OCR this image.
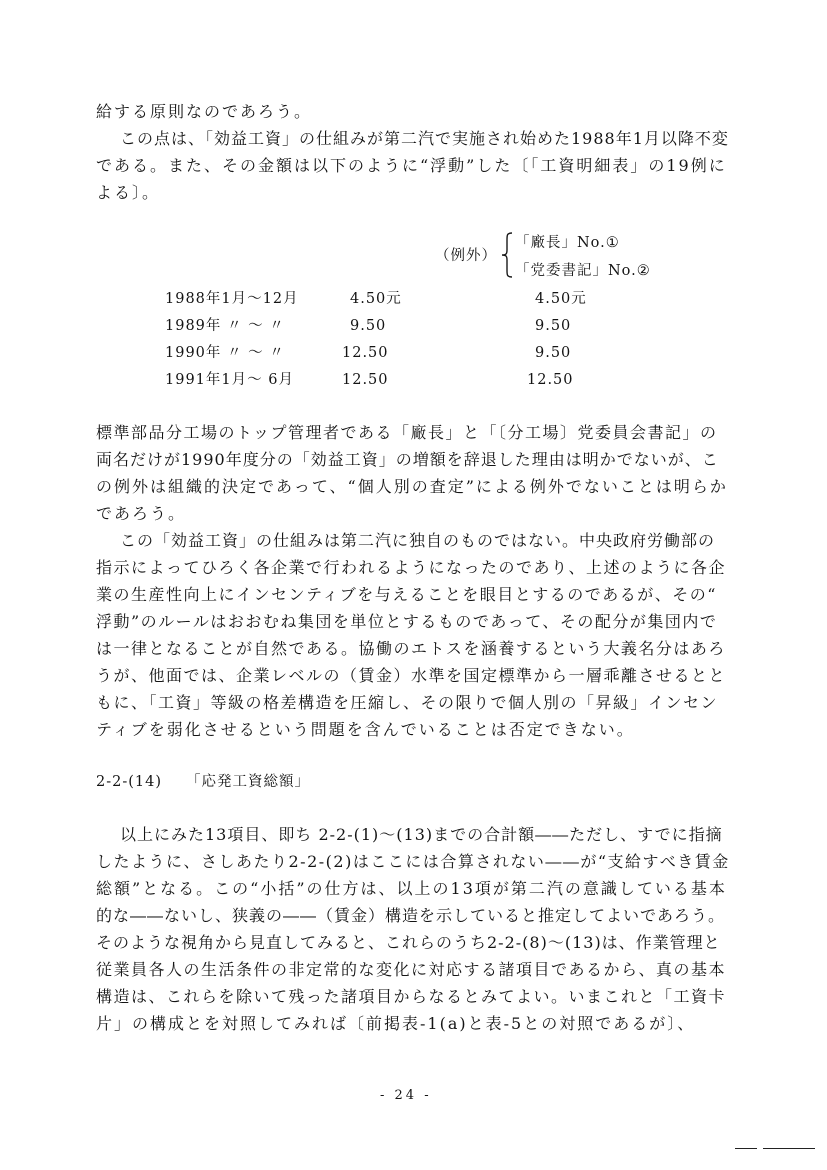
給する原則なのであろう。
この点は、「効益工資」の仕組みが第二汽で実施され始めた1988年1月以降不変
である。また、その金額は以下のように“浮動”した〔「工資明細表」の19例に
よる〕。
（例外）
「廠長」No.①
「党委書記」No.②
1988年1月～12月	4.50元	4.50元
1989年 〃 ～ 〃	9.50	9.50
1990年 〃 ～ 〃	12.50	9.50
1991年1月～ 6月	12.50	12.50
標準部品分工場のトップ管理者である「廠長」と「〔分工場〕党委員会書記」の
両名だけが1990年度分の「効益工資」の増額を辞退した理由は明かでないが、こ
の例外は組織的決定であって、“個人別の査定”による例外でないことは明らか
であろう。
この「効益工資」の仕組みは第二汽に独自のものではない。中央政府労働部の
指示によってひろく各企業で行われるようになったのであり、上述のように各企
業の生産性向上にインセンティブを与えることを眼目とするのであるが、その“
浮動”のルールはおおむね集団を単位とするものであって、その配分が集団内で
は一律となることが自然である。協働のエトスを涵養するという大義名分はあろ
うが、他面では、企業レベルの（賃金）水準を国定標準から一層乖離させるとと
もに、「工資」等級の格差構造を圧縮し、その限りで個人別の「昇級」インセン
ティブを弱化させるという問題を含んでいることは否定できない。
2-2-(14) 「応発工資総額」
以上にみた13項目、即ち 2-2-(1)～(13)までの合計額――ただし、すでに指摘
したように、さしあたり2-2-(2)はここには合算されない――が“支給すべき賃金
総額”となる。この“小括”の仕方は、以上の13項が第二汽の意識している基本
的な――ないし、狭義の――（賃金）構造を示していると推定してよいであろう。
そのような視角から見直してみると、これらのうち2-2-(8)～(13)は、作業管理と
従業員各人の生活条件の非定常的な変化に対応する諸項目であるから、真の基本
構造は、これらを除いて残った諸項目からなるとみてよい。いまこれと「工資卡
片」の構成とを対照してみれば〔前掲表-1(a)と表-5との対照であるが〕、
- 24 -
